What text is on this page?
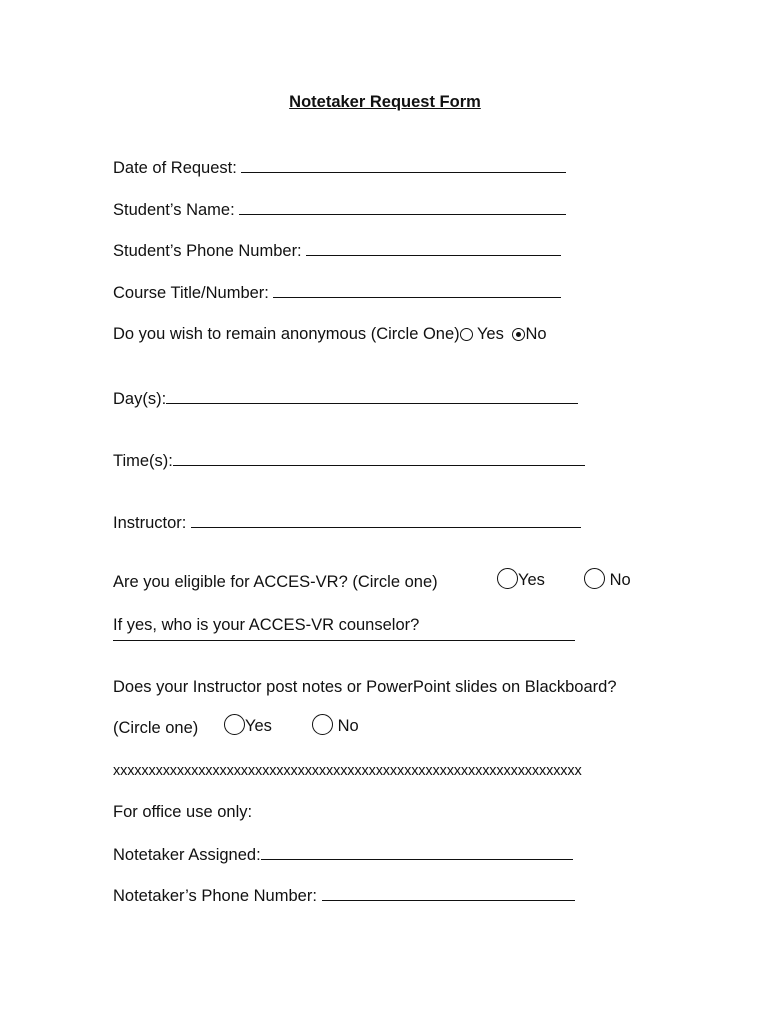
Notetaker Request Form
Date of Request:
Student’s Name:
Student’s Phone Number:
Course Title/Number:
Do you wish to remain anonymous (Circle One) Yes No
Day(s):
Time(s):
Instructor:
Are you eligible for ACCES-VR? (Circle one)	Yes	No
If yes, who is your ACCES-VR counselor?
Does your Instructor post notes or PowerPoint slides on Blackboard?
(Circle one)	Yes	No
xxxxxxxxxxxxxxxxxxxxxxxxxxxxxxxxxxxxxxxxxxxxxxxxxxxxxxxxxxxxxxxxxx
For office use only:
Notetaker Assigned:
Notetaker’s Phone Number:
